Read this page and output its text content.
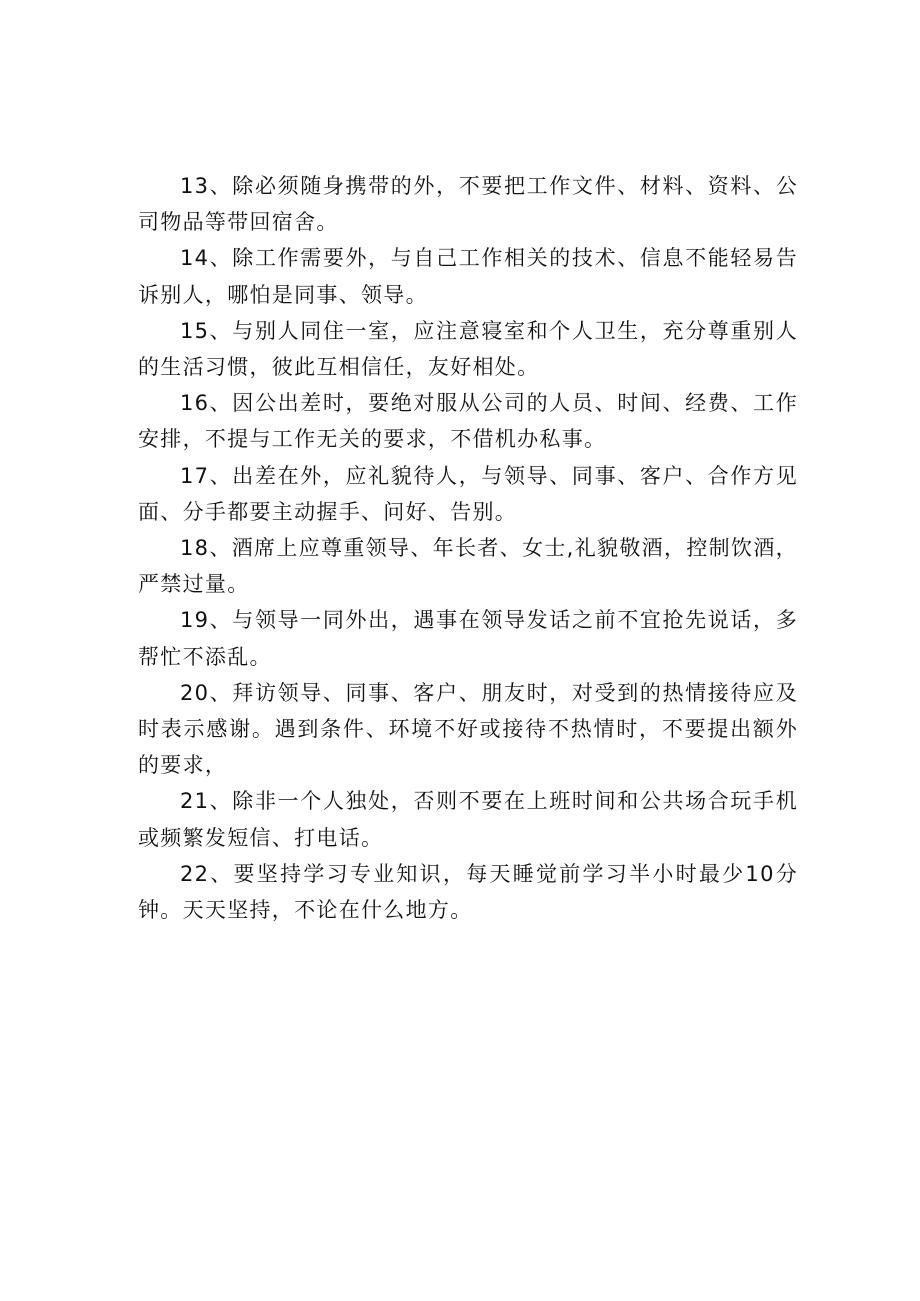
13、除必须随身携带的外，不要把工作文件、材料、资料、公司物品等带回宿舍。

14、除工作需要外，与自己工作相关的技术、信息不能轻易告诉别人，哪怕是同事、领导。

15、与别人同住一室，应注意寝室和个人卫生，充分尊重别人的生活习惯，彼此互相信任，友好相处。

16、因公出差时，要绝对服从公司的人员、时间、经费、工作安排，不提与工作无关的要求，不借机办私事。

17、出差在外，应礼貌待人，与领导、同事、客户、合作方见面、分手都要主动握手、问好、告别。

18、酒席上应尊重领导、年长者、女士,礼貌敬酒，控制饮酒，严禁过量。

19、与领导一同外出，遇事在领导发话之前不宜抢先说话，多帮忙不添乱。

20、拜访领导、同事、客户、朋友时，对受到的热情接待应及时表示感谢。遇到条件、环境不好或接待不热情时，不要提出额外的要求，

21、除非一个人独处，否则不要在上班时间和公共场合玩手机或频繁发短信、打电话。

22、要坚持学习专业知识，每天睡觉前学习半小时最少10分钟。天天坚持，不论在什么地方。
